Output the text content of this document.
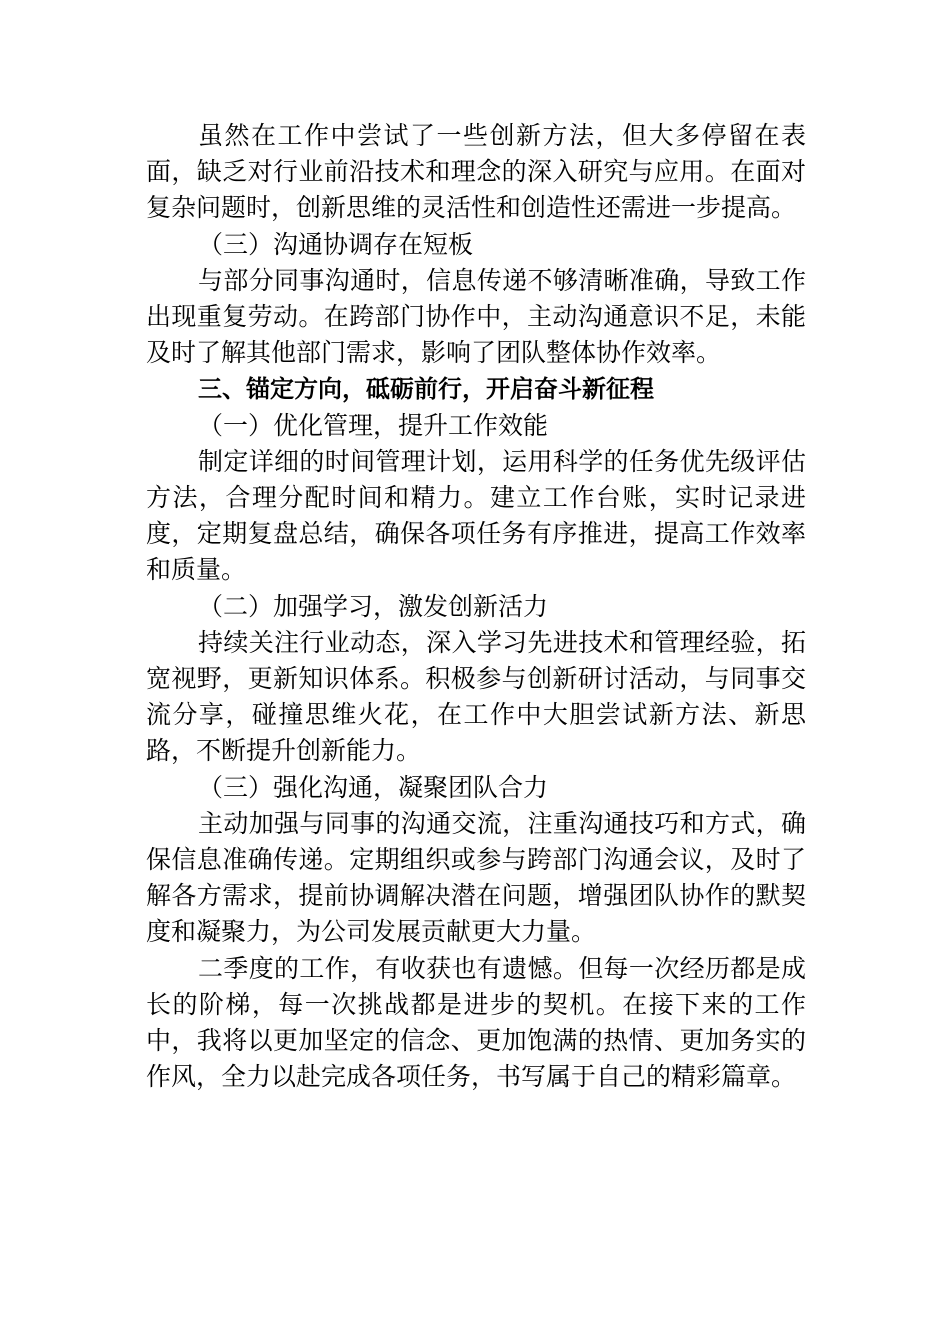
虽然在工作中尝试了一些创新方法，但大多停留在表面，缺乏对行业前沿技术和理念的深入研究与应用。在面对复杂问题时，创新思维的灵活性和创造性还需进一步提高。

（三）沟通协调存在短板

与部分同事沟通时，信息传递不够清晰准确，导致工作出现重复劳动。在跨部门协作中，主动沟通意识不足，未能及时了解其他部门需求，影响了团队整体协作效率。

三、锚定方向，砥砺前行，开启奋斗新征程

（一）优化管理，提升工作效能

制定详细的时间管理计划，运用科学的任务优先级评估方法，合理分配时间和精力。建立工作台账，实时记录进度，定期复盘总结，确保各项任务有序推进，提高工作效率和质量。

（二）加强学习，激发创新活力

持续关注行业动态，深入学习先进技术和管理经验，拓宽视野，更新知识体系。积极参与创新研讨活动，与同事交流分享，碰撞思维火花，在工作中大胆尝试新方法、新思路，不断提升创新能力。

（三）强化沟通，凝聚团队合力

主动加强与同事的沟通交流，注重沟通技巧和方式，确保信息准确传递。定期组织或参与跨部门沟通会议，及时了解各方需求，提前协调解决潜在问题，增强团队协作的默契度和凝聚力，为公司发展贡献更大力量。

二季度的工作，有收获也有遗憾。但每一次经历都是成长的阶梯，每一次挑战都是进步的契机。在接下来的工作中，我将以更加坚定的信念、更加饱满的热情、更加务实的作风，全力以赴完成各项任务，书写属于自己的精彩篇章。
